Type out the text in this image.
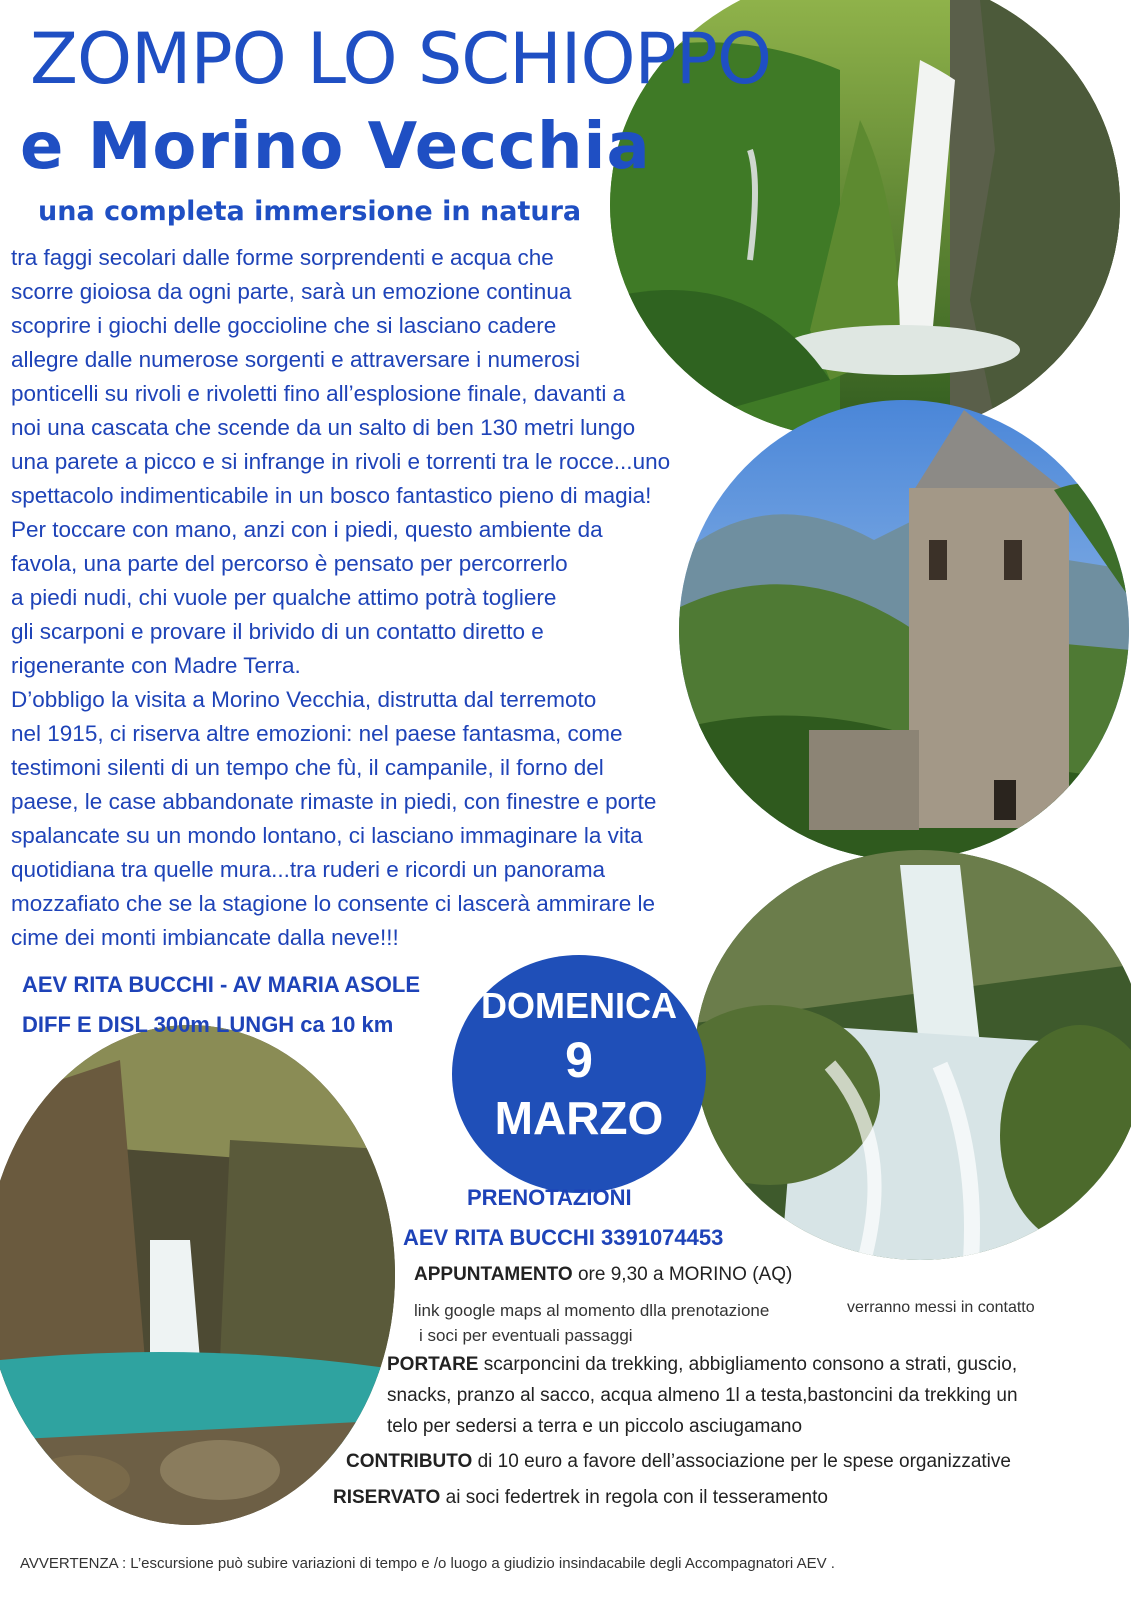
ZOMPO LO SCHIOPPO
e Morino Vecchia
una completa immersione in natura
tra faggi secolari dalle forme sorprendenti e acqua che
scorre gioiosa da ogni parte, sarà un emozione continua
scoprire i giochi delle goccioline che si lasciano cadere
allegre dalle numerose sorgenti e attraversare i numerosi
ponticelli su rivoli e rivoletti fino all’esplosione finale, davanti a
noi una cascata che scende da un salto di ben 130 metri lungo
una parete a picco e si infrange in rivoli e torrenti tra le rocce...uno
spettacolo indimenticabile in un bosco fantastico pieno di magia!
Per toccare con mano, anzi con i piedi, questo ambiente da
favola, una parte del percorso è pensato per percorrerlo
a piedi nudi, chi vuole per qualche attimo potrà togliere
gli scarponi e provare il brivido di un contatto diretto e
rigenerante con Madre Terra.
D’obbligo la visita a Morino Vecchia, distrutta dal terremoto
nel 1915, ci riserva altre emozioni: nel paese fantasma, come
testimoni silenti di un tempo che fù, il campanile, il forno del
paese, le case abbandonate rimaste in piedi, con finestre e porte
spalancate su un mondo lontano, ci lasciano immaginare la vita
quotidiana tra quelle mura...tra ruderi e ricordi un panorama
mozzafiato che se la stagione lo consente ci lascerà ammirare le
cime dei monti imbiancate dalla neve!!!
AEV RITA BUCCHI - AV MARIA ASOLE
DIFF E DISL 300m LUNGH ca 10 km	DOMENICA
9
MARZO
PRENOTAZIONI
AEV RITA BUCCHI 3391074453
APPUNTAMENTO ore 9,30 a MORINO (AQ)
link google maps al momento dlla prenotazione	verranno messi in contatto
i soci per eventuali passaggi
PORTARE scarponcini da trekking, abbigliamento consono a strati, guscio,
snacks, pranzo al sacco, acqua almeno 1l a testa,bastoncini da trekking un
telo per sedersi a terra e un piccolo asciugamano
CONTRIBUTO di 10 euro a favore dell’associazione per le spese organizzative
RISERVATO ai soci federtrek in regola con il tesseramento
AVVERTENZA : L’escursione può subire variazioni di tempo e /o luogo a giudizio insindacabile degli Accompagnatori AEV .
